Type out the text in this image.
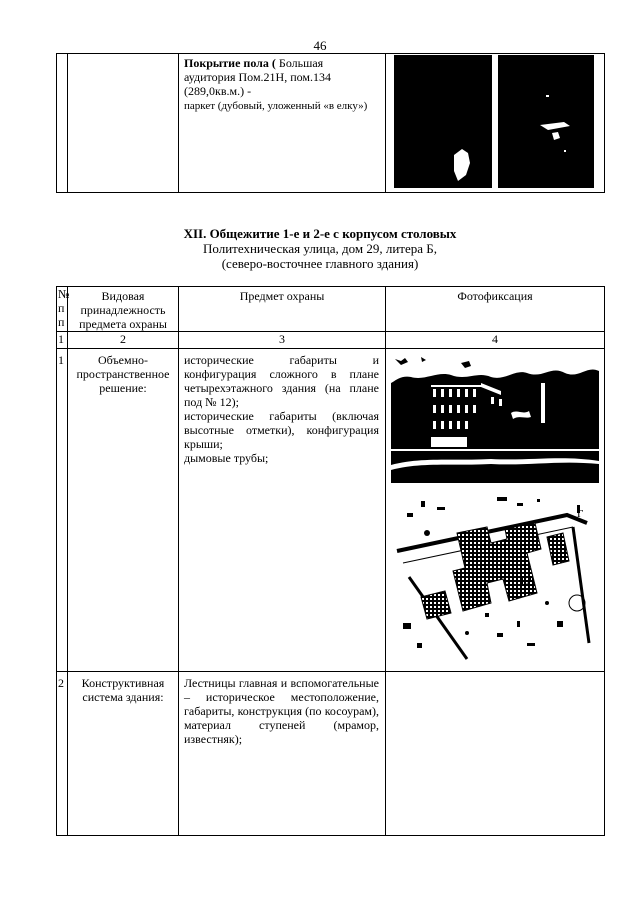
46

Покрытие пола ( Большая
аудитория Пом.21Н, пом.134
(289,0кв.м.) -
паркет (дубовый, уложенный «в елку»)

XII. Общежитие 1-е и 2-е с корпусом столовых
Политехническая улица, дом 29, литера Б,
(северо-восточнее главного здания)
№
п
п	Видовая принадлежность предмета охраны	Предмет охраны	Фотофиксация
1	2	3	4
1	Объемно-пространственное решение:	исторические габариты и конфигурация сложного в плане четырехэтажного здания (на плане под № 12);
исторические габариты (включая высотные отметки), конфигурация крыши;
дымовые трубы;

2	Конструктивная система здания:	Лестницы главная и вспомогательные – историческое местоположение, габариты, конструкция (по косоурам), материал ступеней (мрамор, известняк);	

12
Г
